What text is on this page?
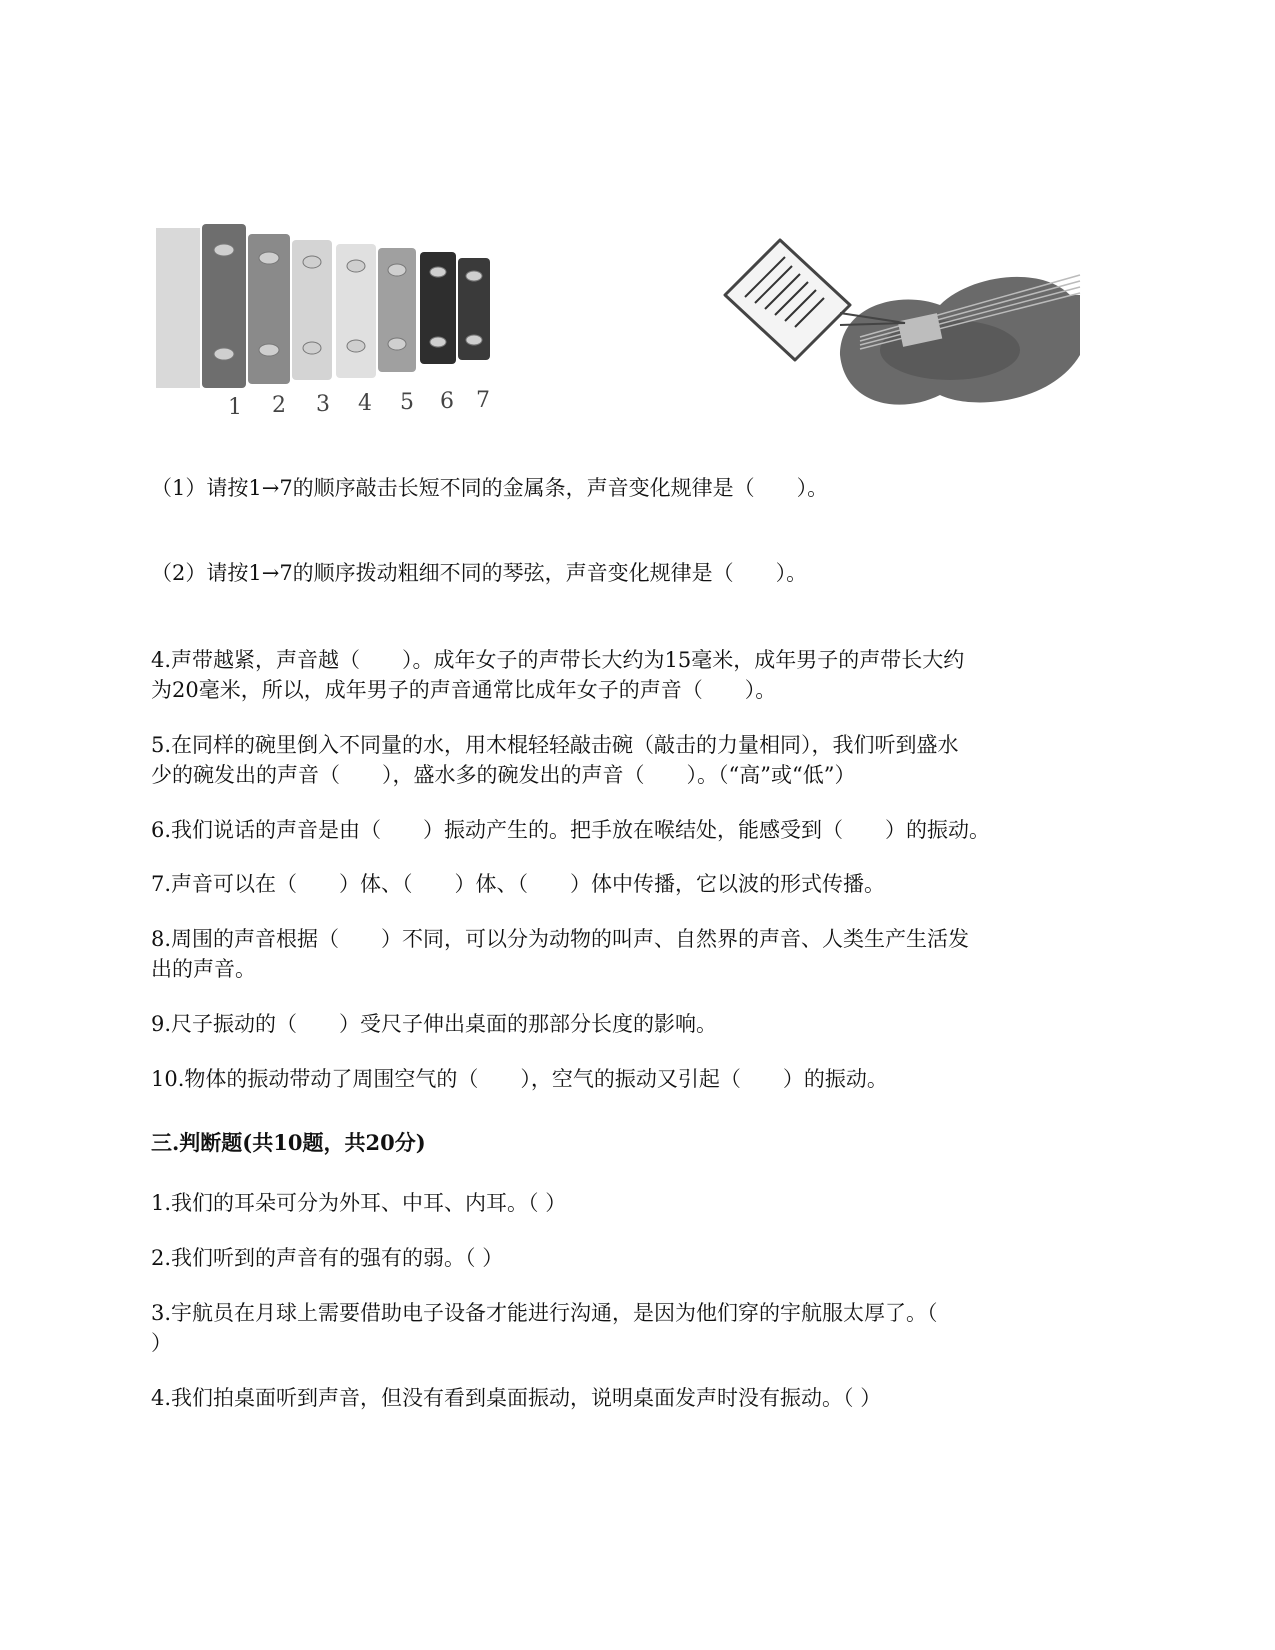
1 2 3 4 5 6 7
（1）请按1→7的顺序敲击长短不同的金属条，声音变化规律是（　　）。
（2）请按1→7的顺序拨动粗细不同的琴弦，声音变化规律是（　　）。
4.声带越紧，声音越（　　）。成年女子的声带长大约为15毫米，成年男子的声带长大约
为20毫米，所以，成年男子的声音通常比成年女子的声音（　　）。
5.在同样的碗里倒入不同量的水，用木棍轻轻敲击碗（敲击的力量相同），我们听到盛水
少的碗发出的声音（　　），盛水多的碗发出的声音（　　）。（“高”或“低”）
6.我们说话的声音是由（　　）振动产生的。把手放在喉结处，能感受到（　　）的振动。
7.声音可以在（　　）体、（　　）体、（　　）体中传播，它以波的形式传播。
8.周围的声音根据（　　）不同，可以分为动物的叫声、自然界的声音、人类生产生活发
出的声音。
9.尺子振动的（　　）受尺子伸出桌面的那部分长度的影响。
10.物体的振动带动了周围空气的（　　），空气的振动又引起（　　）的振动。
三.判断题(共10题，共20分)
1.我们的耳朵可分为外耳、中耳、内耳。（ ）
2.我们听到的声音有的强有的弱。（ ）
3.宇航员在月球上需要借助电子设备才能进行沟通，是因为他们穿的宇航服太厚了。（
）
4.我们拍桌面听到声音，但没有看到桌面振动，说明桌面发声时没有振动。（ ）
